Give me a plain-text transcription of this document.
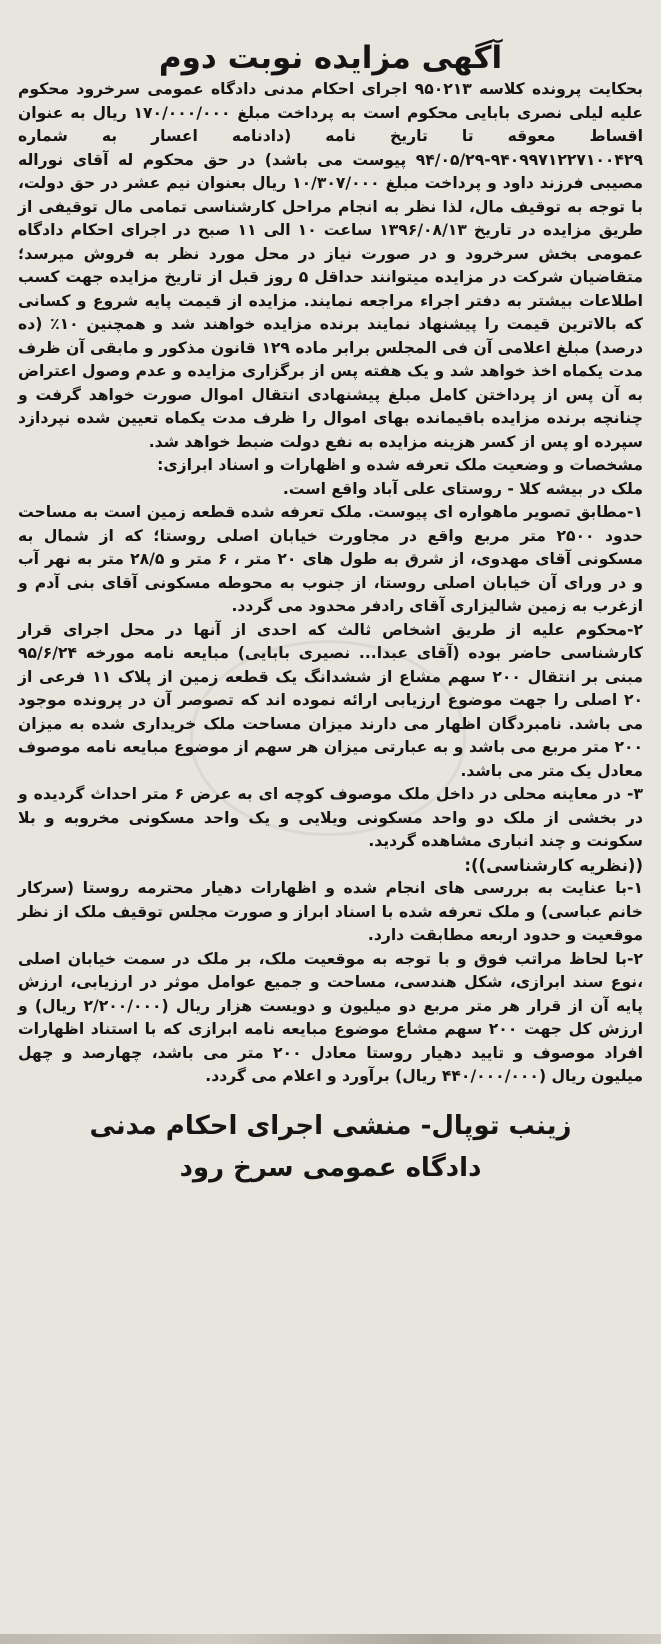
آگهی مزایده نوبت دوم

بحکایت پرونده کلاسه ۹۵۰۲۱۳ اجرای احکام مدنی دادگاه عمومی سرخرود محکوم علیه لیلی نصری بابایی محکوم است به پرداخت مبلغ ۱۷۰/۰۰۰/۰۰۰ ریال به عنوان اقساط معوقه تا تاریخ نامه (دادنامه اعسار به شماره ۹۴۰۹۹۷۱۲۲۷۱۰۰۴۲۹-۹۴/۰۵/۲۹ پیوست می باشد) در حق محکوم له آقای نوراله مصیبی فرزند داود و پرداخت مبلغ ۱۰/۳۰۷/۰۰۰ ریال بعنوان نیم عشر در حق دولت، با توجه به توقیف مال، لذا نظر به انجام مراحل کارشناسی تمامی مال توقیفی از طریق مزایده در تاریخ ۱۳۹۶/۰۸/۱۳ ساعت ۱۰ الی ۱۱ صبح در اجرای احکام دادگاه عمومی بخش سرخرود و در صورت نیاز در محل مورد نظر به فروش میرسد؛ متقاضیان شرکت در مزایده میتوانند حداقل ۵ روز قبل از تاریخ مزایده جهت کسب اطلاعات بیشتر به دفتر اجراء مراجعه نمایند. مزایده از قیمت پایه شروع و کسانی که بالاترین قیمت را پیشنهاد نمایند برنده مزایده خواهند شد و همچنین ۱۰٪ (ده درصد) مبلغ اعلامی آن فی المجلس برابر ماده ۱۲۹ قانون مذکور و مابقی آن ظرف مدت یکماه اخذ خواهد شد و یک هفته پس از برگزاری مزایده و عدم وصول اعتراض به آن پس از پرداختن کامل مبلغ پیشنهادی انتقال اموال صورت خواهد گرفت و چنانچه برنده مزایده باقیمانده بهای اموال را ظرف مدت یکماه تعیین شده نپردازد سپرده او پس از کسر هزینه مزایده به نفع دولت ضبط خواهد شد.

مشخصات و وضعیت ملک تعرفه شده و اظهارات و اسناد ابرازی:

ملک در بیشه کلا - روستای علی آباد واقع است.

۱-مطابق تصویر ماهواره ای پیوست. ملک تعرفه شده قطعه زمین است به مساحت حدود ۲۵۰۰ متر مربع واقع در مجاورت خیابان اصلی روستا؛ که از شمال به مسکونی آقای مهدوی، از شرق به طول های ۲۰ متر ، ۶ متر و ۲۸/۵ متر به نهر آب و در ورای آن خیابان اصلی روستا، از جنوب به محوطه مسکونی آقای بنی آدم و ازغرب به زمین شالیزاری آقای رادفر محدود می گردد.

۲-محکوم علیه از طریق اشخاص ثالث که احدی از آنها در محل اجرای قرار کارشناسی حاضر بوده (آقای عبدا... نصیری بابایی) مبایعه نامه مورخه ۹۵/۶/۲۴ مبنی بر انتقال ۲۰۰ سهم مشاع از ششدانگ یک قطعه زمین از پلاک ۱۱ فرعی از ۲۰ اصلی را جهت موضوع ارزیابی ارائه نموده اند که تصوصر آن در پرونده موجود می باشد. نامبردگان اظهار می دارند میزان مساحت ملک خریداری شده به میزان ۲۰۰ متر مربع می باشد و به عبارتی میزان هر سهم از موضوع مبایعه نامه موصوف معادل یک متر می باشد.

۳- در معاینه محلی در داخل ملک موصوف کوچه ای به عرض ۶ متر احداث گردیده و در بخشی از ملک دو واحد مسکونی ویلایی و یک واحد مسکونی مخروبه و بلا سکونت و چند انباری مشاهده گردید.

((نظریه کارشناسی)):

۱-با عنایت به بررسی های انجام شده و اظهارات دهیار محترمه روستا (سرکار خانم عباسی) و ملک تعرفه شده با اسناد ابراز و صورت مجلس توقیف ملک از نظر موقعیت و حدود اربعه مطابقت دارد.

۲-با لحاظ مراتب فوق و با توجه به موقعیت ملک، بر ملک در سمت خیابان اصلی ،نوع سند ابرازی، شکل هندسی، مساحت و جمیع عوامل موثر در ارزیابی، ارزش پایه آن از قرار هر متر مربع دو میلیون و دویست هزار ریال (۲/۲۰۰/۰۰۰ ریال) و ارزش کل جهت ۲۰۰ سهم مشاع موضوع مبایعه نامه ابرازی که با استناد اظهارات افراد موصوف و تایید دهیار روستا معادل ۲۰۰ متر می باشد، چهارصد و چهل میلیون ریال (۴۴۰/۰۰۰/۰۰۰ ریال) برآورد و اعلام می گردد.

زینب توپال- منشی اجرای احکام مدنی
دادگاه عمومی سرخ رود
